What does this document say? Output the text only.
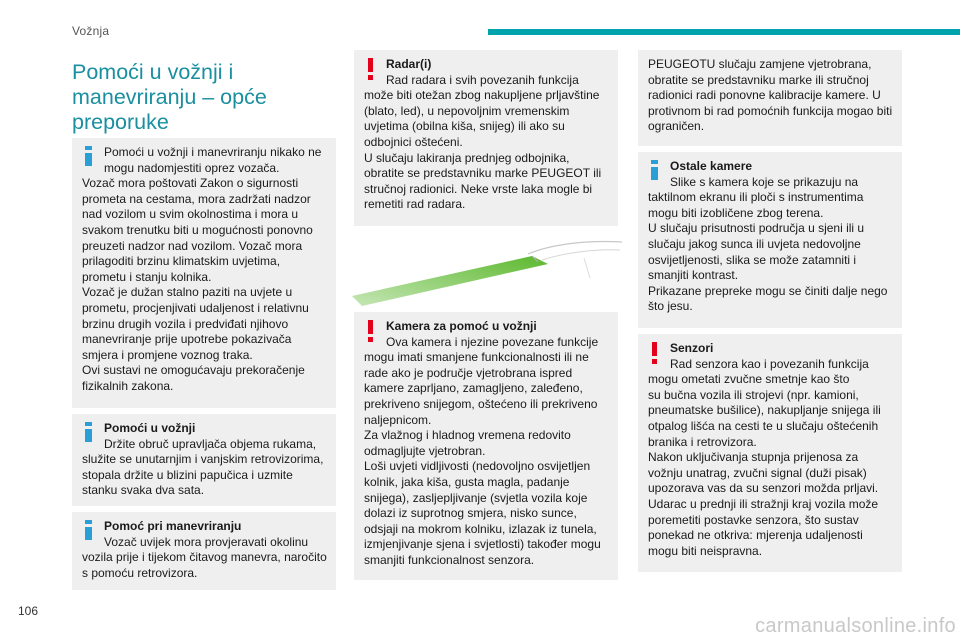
Vožnja
Pomoći u vožnji i
manevriranju – opće
preporuke
Pomoći u vožnji i manevriranju nikako ne
mogu nadomjestiti oprez vozača.
Vozač mora poštovati Zakon o sigurnosti
prometa na cestama, mora zadržati nadzor
nad vozilom u svim okolnostima i mora u
svakom trenutku biti u mogućnosti ponovno
preuzeti nadzor nad vozilom. Vozač mora
prilagoditi brzinu klimatskim uvjetima,
prometu i stanju kolnika.
Vozač je dužan stalno paziti na uvjete u
prometu, procjenjivati udaljenost i relativnu
brzinu drugih vozila i predviđati njihovo
manevriranje prije upotrebe pokazivača
smjera i promjene voznog traka.
Ovi sustavi ne omogućavaju prekoračenje
fizikalnih zakona.
Pomoći u vožnji
Držite obruč upravljača objema rukama,
služite se unutarnjim i vanjskim retrovizorima,
stopala držite u blizini papučica i uzmite
stanku svaka dva sata.
Pomoć pri manevriranju
Vozač uvijek mora provjeravati okolinu
vozila prije i tijekom čitavog manevra, naročito
s pomoću retrovizora.
Radar(i)
Rad radara i svih povezanih funkcija
može biti otežan zbog nakupljene prljavštine
(blato, led), u nepovoljnim vremenskim
uvjetima (obilna kiša, snijeg) ili ako su
odbojnici oštećeni.
U slučaju lakiranja prednjeg odbojnika,
obratite se predstavniku marke PEUGEOT ili
stručnoj radionici. Neke vrste laka mogle bi
remetiti rad radara.
Kamera za pomoć u vožnji
Ova kamera i njezine povezane funkcije
mogu imati smanjene funkcionalnosti ili ne
rade ako je područje vjetrobrana ispred
kamere zaprljano, zamagljeno, zaleđeno,
prekriveno snijegom, oštećeno ili prekriveno
naljepnicom.
Za vlažnog i hladnog vremena redovito
odmagljujte vjetrobran.
Loši uvjeti vidljivosti (nedovoljno osvijetljen
kolnik, jaka kiša, gusta magla, padanje
snijega), zasljepljivanje (svjetla vozila koje
dolazi iz suprotnog smjera, nisko sunce,
odsjaji na mokrom kolniku, izlazak iz tunela,
izmjenjivanje sjena i svjetlosti) također mogu
smanjiti funkcionalnost senzora.
PEUGEOTU slučaju zamjene vjetrobrana,
obratite se predstavniku marke ili stručnoj
radionici radi ponovne kalibracije kamere. U
protivnom bi rad pomoćnih funkcija mogao biti
ograničen.
Ostale kamere
Slike s kamera koje se prikazuju na
taktilnom ekranu ili ploči s instrumentima
mogu biti izobličene zbog terena.
U slučaju prisutnosti područja u sjeni ili u
slučaju jakog sunca ili uvjeta nedovoljne
osvijetljenosti, slika se može zatamniti i
smanjiti kontrast.
Prikazane prepreke mogu se činiti dalje nego
što jesu.
Senzori
Rad senzora kao i povezanih funkcija
mogu ometati zvučne smetnje kao što
su bučna vozila ili strojevi (npr. kamioni,
pneumatske bušilice), nakupljanje snijega ili
otpalog lišća na cesti te u slučaju oštećenih
branika i retrovizora.
Nakon uključivanja stupnja prijenosa za
vožnju unatrag, zvučni signal (duži pisak)
upozorava vas da su senzori možda prljavi.
Udarac u prednji ili stražnji kraj vozila može
poremetiti postavke senzora, što sustav
ponekad ne otkriva: mjerenja udaljenosti
mogu biti neispravna.
106
carmanualsonline.info
